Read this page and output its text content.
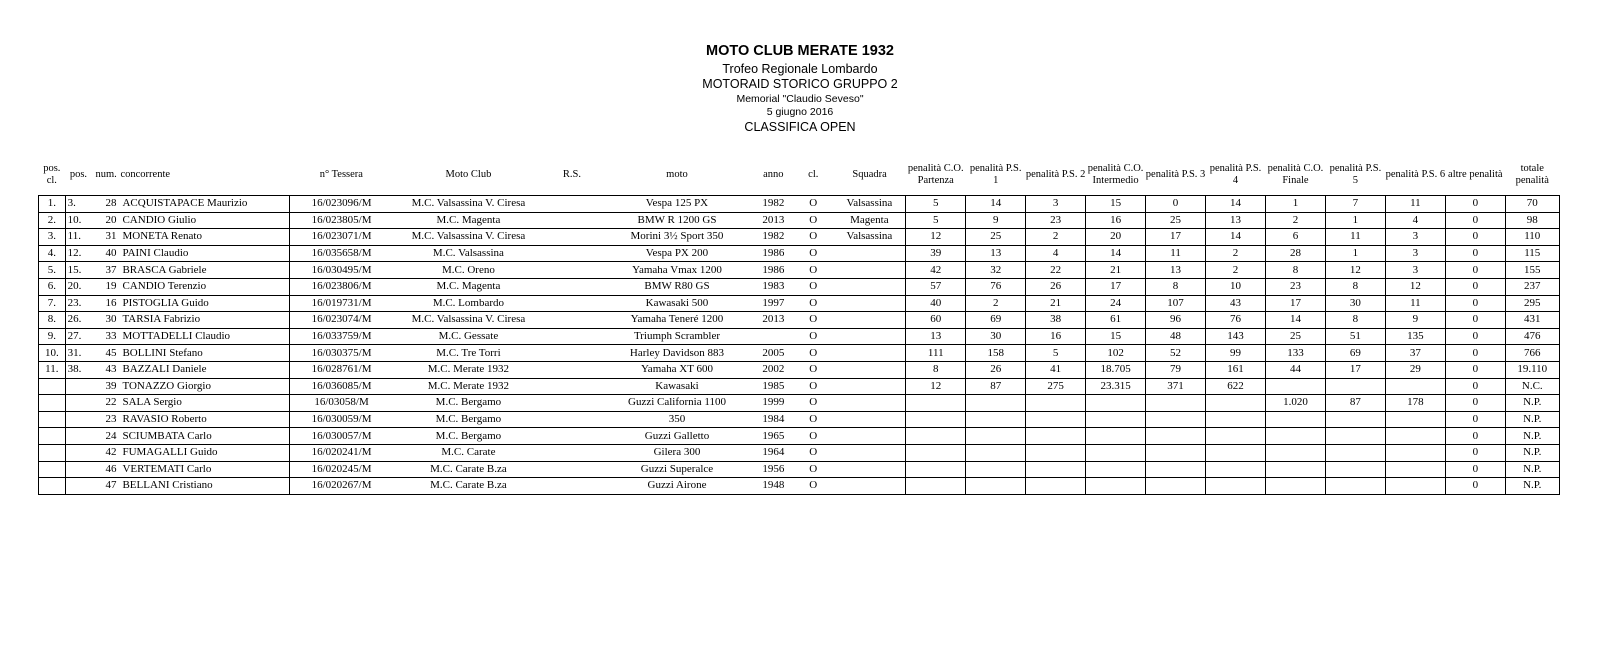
MOTO CLUB MERATE 1932
Trofeo Regionale Lombardo
MOTORAID STORICO GRUPPO 2
Memorial "Claudio Seveso"
5 giugno 2016
CLASSIFICA OPEN
pos. cl.	pos.	num.	concorrente	n° Tessera	Moto Club	R.S.	moto	anno	cl.	Squadra	penalità C.O. Partenza	penalità P.S. 1	penalità P.S. 2	penalità C.O. Intermedio	penalità P.S. 3	penalità P.S. 4	penalità C.O. Finale	penalità P.S. 5	penalità P.S. 6	altre penalità	totale penalità
1.	3.	28	ACQUISTAPACE Maurizio	16/023096/M	M.C. Valsassina V. Ciresa		Vespa 125 PX	1982	O	Valsassina	5	14	3	15	0	14	1	7	11	0	70
2.	10.	20	CANDIO Giulio	16/023805/M	M.C. Magenta		BMW R 1200 GS	2013	O	Magenta	5	9	23	16	25	13	2	1	4	0	98
3.	11.	31	MONETA Renato	16/023071/M	M.C. Valsassina V. Ciresa		Morini 3½ Sport 350	1982	O	Valsassina	12	25	2	20	17	14	6	11	3	0	110
4.	12.	40	PAINI Claudio	16/035658/M	M.C. Valsassina		Vespa PX 200	1986	O		39	13	4	14	11	2	28	1	3	0	115
5.	15.	37	BRASCA Gabriele	16/030495/M	M.C. Oreno		Yamaha Vmax 1200	1986	O		42	32	22	21	13	2	8	12	3	0	155
6.	20.	19	CANDIO Terenzio	16/023806/M	M.C. Magenta		BMW R80 GS	1983	O		57	76	26	17	8	10	23	8	12	0	237
7.	23.	16	PISTOGLIA Guido	16/019731/M	M.C. Lombardo		Kawasaki 500	1997	O		40	2	21	24	107	43	17	30	11	0	295
8.	26.	30	TARSIA Fabrizio	16/023074/M	M.C. Valsassina V. Ciresa		Yamaha Teneré 1200	2013	O		60	69	38	61	96	76	14	8	9	0	431
9.	27.	33	MOTTADELLI Claudio	16/033759/M	M.C. Gessate		Triumph Scrambler		O		13	30	16	15	48	143	25	51	135	0	476
10.	31.	45	BOLLINI Stefano	16/030375/M	M.C. Tre Torri		Harley Davidson 883	2005	O		111	158	5	102	52	99	133	69	37	0	766
11.	38.	43	BAZZALI Daniele	16/028761/M	M.C. Merate 1932		Yamaha XT 600	2002	O		8	26	41	18.705	79	161	44	17	29	0	19.110
		39	TONAZZO Giorgio	16/036085/M	M.C. Merate 1932		Kawasaki	1985	O		12	87	275	23.315	371	622				0	N.C.
		22	SALA Sergio	16/03058/M	M.C. Bergamo		Guzzi California 1100	1999	O								1.020	87	178	0	N.P.
		23	RAVASIO Roberto	16/030059/M	M.C. Bergamo		350	1984	O											0	N.P.
		24	SCIUMBATA Carlo	16/030057/M	M.C. Bergamo		Guzzi Galletto	1965	O											0	N.P.
		42	FUMAGALLI Guido	16/020241/M	M.C. Carate		Gilera 300	1964	O											0	N.P.
		46	VERTEMATI Carlo	16/020245/M	M.C. Carate B.za		Guzzi Superalce	1956	O											0	N.P.
		47	BELLANI Cristiano	16/020267/M	M.C. Carate B.za		Guzzi Airone	1948	O											0	N.P.
